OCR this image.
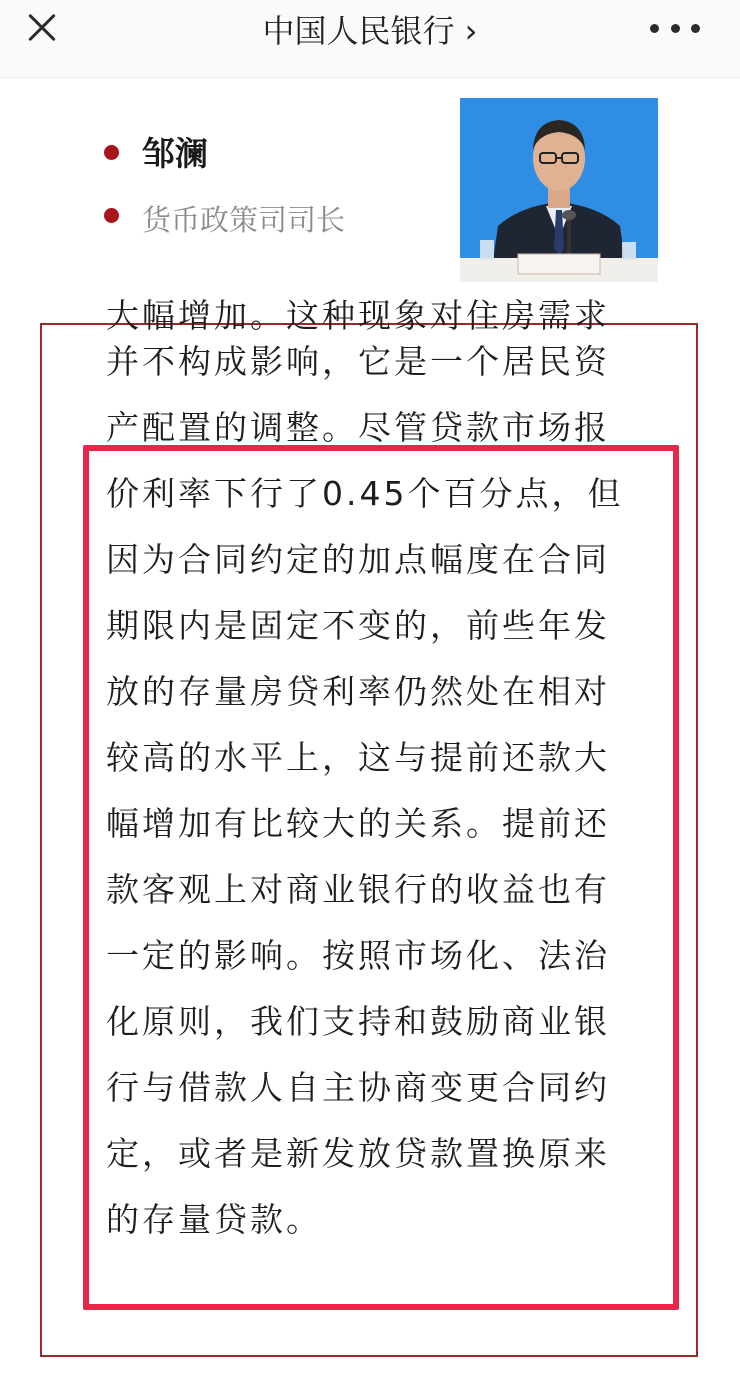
中国人民银行 ›
邹澜
货币政策司司长
大幅增加。这种现象对住房需求

并不构成影响，它是一个居民资

产配置的调整。尽管贷款市场报

价利率下行了0.45个百分点，但

因为合同约定的加点幅度在合同

期限内是固定不变的，前些年发

放的存量房贷利率仍然处在相对

较高的水平上，这与提前还款大

幅增加有比较大的关系。提前还

款客观上对商业银行的收益也有

一定的影响。按照市场化、法治

化原则，我们支持和鼓励商业银

行与借款人自主协商变更合同约

定，或者是新发放贷款置换原来

的存量贷款。
